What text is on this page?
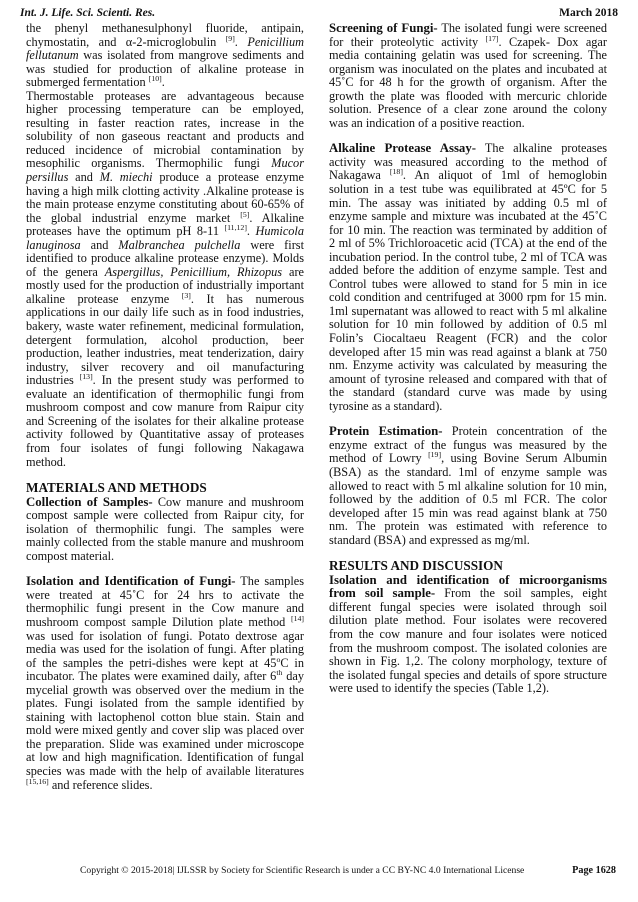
Int. J. Life. Sci. Scienti. Res.	March 2018

the phenyl methanesulphonyl fluoride, antipain, chymostatin, and α-2-microglobulin [9]. Penicillium fellutanum was isolated from mangrove sediments and was studied for production of alkaline protease in submerged fermentation [10].

Thermostable proteases are advantageous because higher processing temperature can be employed, resulting in faster reaction rates, increase in the solubility of non gaseous reactant and products and reduced incidence of microbial contamination by mesophilic organisms. Thermophilic fungi Mucor persillus and M. miechi produce a protease enzyme having a high milk clotting activity .Alkaline protease is the main protease enzyme constituting about 60-65% of the global industrial enzyme market [5]. Alkaline proteases have the optimum pH 8-11 [11,12]. Humicola lanuginosa and Malbranchea pulchella were first identified to produce alkaline protease enzyme). Molds of the genera Aspergillus, Penicillium, Rhizopus are mostly used for the production of industrially important alkaline protease enzyme [3]. It has numerous applications in our daily life such as in food industries, bakery, waste water refinement, medicinal formulation, detergent formulation, alcohol production, beer production, leather industries, meat tenderization, dairy industry, silver recovery and oil manufacturing industries [13]. In the present study was performed to evaluate an identification of thermophilic fungi from mushroom compost and cow manure from Raipur city and Screening of the isolates for their alkaline protease activity followed by Quantitative assay of proteases from four isolates of fungi following Nakagawa method.

MATERIALS AND METHODS

Collection of Samples- Cow manure and mushroom compost sample were collected from Raipur city, for isolation of thermophilic fungi. The samples were mainly collected from the stable manure and mushroom compost material.

Isolation and Identification of Fungi- The samples were treated at 45˚C for 24 hrs to activate the thermophilic fungi present in the Cow manure and mushroom compost sample Dilution plate method [14] was used for isolation of fungi. Potato dextrose agar media was used for the isolation of fungi. After plating of the samples the petri-dishes were kept at 45$^o$C in incubator. The plates were examined daily, after 6th day mycelial growth was observed over the medium in the plates. Fungi isolated from the sample identified by staining with lactophenol cotton blue stain. Stain and mold were mixed gently and cover slip was placed over the preparation. Slide was examined under microscope at low and high magnification. Identification of fungal species was made with the help of available literatures [15,16] and reference slides.

Screening of Fungi- The isolated fungi were screened for their proteolytic activity [17]. Czapek- Dox agar media containing gelatin was used for screening. The organism was inoculated on the plates and incubated at 45˚C for 48 h for the growth of organism. After the growth the plate was flooded with mercuric chloride solution. Presence of a clear zone around the colony was an indication of a positive reaction.

Alkaline Protease Assay- The alkaline proteases activity was measured according to the method of Nakagawa [18]. An aliquot of 1ml of hemoglobin solution in a test tube was equilibrated at 45ºC for 5 min. The assay was initiated by adding 0.5 ml of enzyme sample and mixture was incubated at the 45˚C for 10 min. The reaction was terminated by addition of 2 ml of 5% Trichloroacetic acid (TCA) at the end of the incubation period. In the control tube, 2 ml of TCA was added before the addition of enzyme sample. Test and Control tubes were allowed to stand for 5 min in ice cold condition and centrifuged at 3000 rpm for 15 min. 1ml supernatant was allowed to react with 5 ml alkaline solution for 10 min followed by addition of 0.5 ml Folin’s Ciocaltaeu Reagent (FCR) and the color developed after 15 min was read against a blank at 750 nm. Enzyme activity was calculated by measuring the amount of tyrosine released and compared with that of the standard (standard curve was made by using tyrosine as a standard).

Protein Estimation- Protein concentration of the enzyme extract of the fungus was measured by the method of Lowry [19], using Bovine Serum Albumin (BSA) as the standard. 1ml of enzyme sample was allowed to react with 5 ml alkaline solution for 10 min, followed by the addition of 0.5 ml FCR. The color developed after 15 min was read against blank at 750 nm. The protein was estimated with reference to standard (BSA) and expressed as mg/ml.

RESULTS AND DISCUSSION

Isolation and identification of microorganisms from soil sample- From the soil samples, eight different fungal species were isolated through soil dilution plate method. Four isolates were recovered from the cow manure and four isolates were noticed from the mushroom compost. The isolated colonies are shown in Fig. 1,2. The colony morphology, texture of the isolated fungal species and details of spore structure were used to identify the species (Table 1,2).

Copyright © 2015-2018| IJLSSR by Society for Scientific Research is under a CC BY-NC 4.0 International License	Page 1628
